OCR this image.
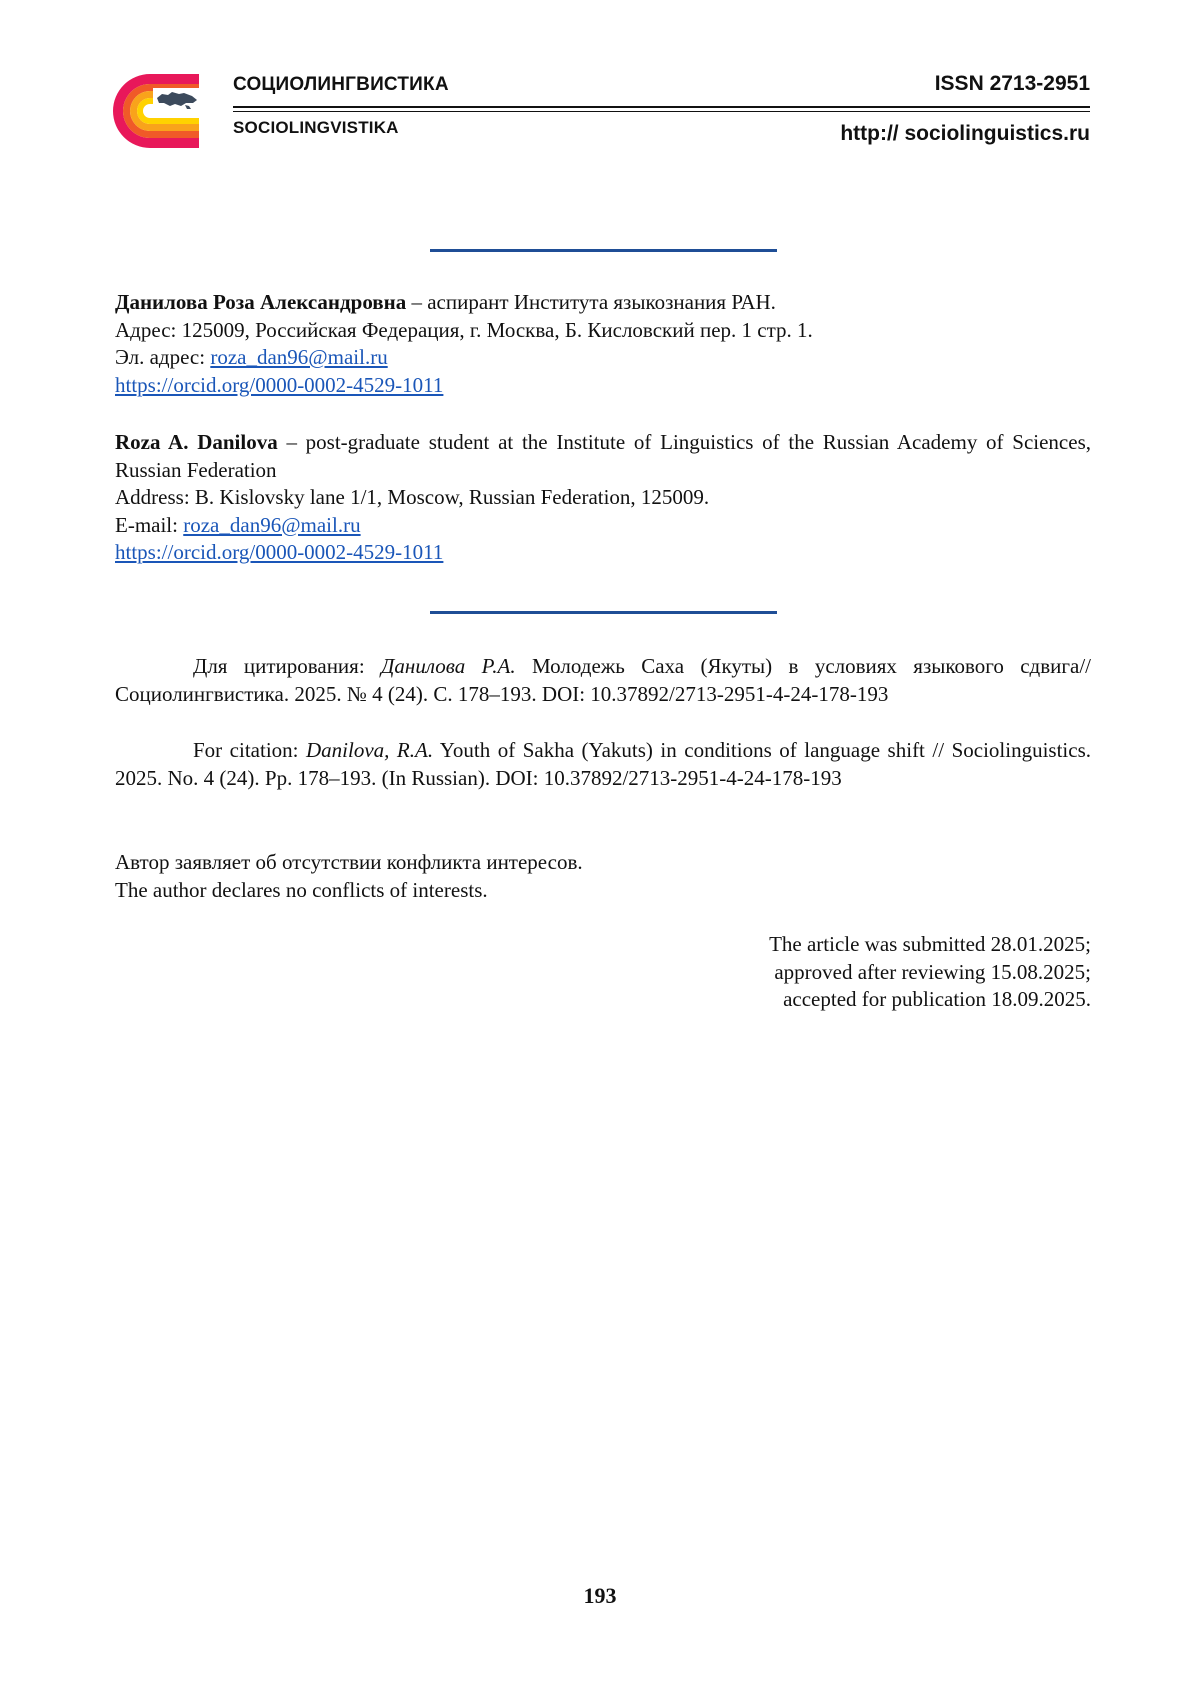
СОЦИОЛИНГВИСТИКА
SOCIOLINGVISTIKA
ISSN 2713-2951
http:// sociolinguistics.ru

Данилова Роза Александровна – аспирант Института языкознания РАН.

Адрес: 125009, Российская Федерация, г. Москва, Б. Кисловский пер. 1 стр. 1.

Эл. адрес: roza_dan96@mail.ru

https://orcid.org/0000-0002-4529-1011

Roza A. Danilova – post-graduate student at the Institute of Linguistics of the Russian Academy of Sciences, Russian Federation

Address: B. Kislovsky lane 1/1, Moscow, Russian Federation, 125009.

E-mail: roza_dan96@mail.ru

https://orcid.org/0000-0002-4529-1011

Для цитирования: Данилова Р.А. Молодежь Саха (Якуты) в условиях языкового сдвига// Социолингвистика. 2025. № 4 (24). С. 178–193. DOI: 10.37892/2713-2951-4-24-178-193
For citation: Danilova, R.A. Youth of Sakha (Yakuts) in conditions of language shift // Sociolinguistics. 2025. No. 4 (24). Pp. 178–193. (In Russian). DOI: 10.37892/2713-2951-4-24-178-193

Автор заявляет об отсутствии конфликта интересов.

The author declares no conflicts of interests.

The article was submitted 28.01.2025;

approved after reviewing 15.08.2025;

accepted for publication 18.09.2025.

193
